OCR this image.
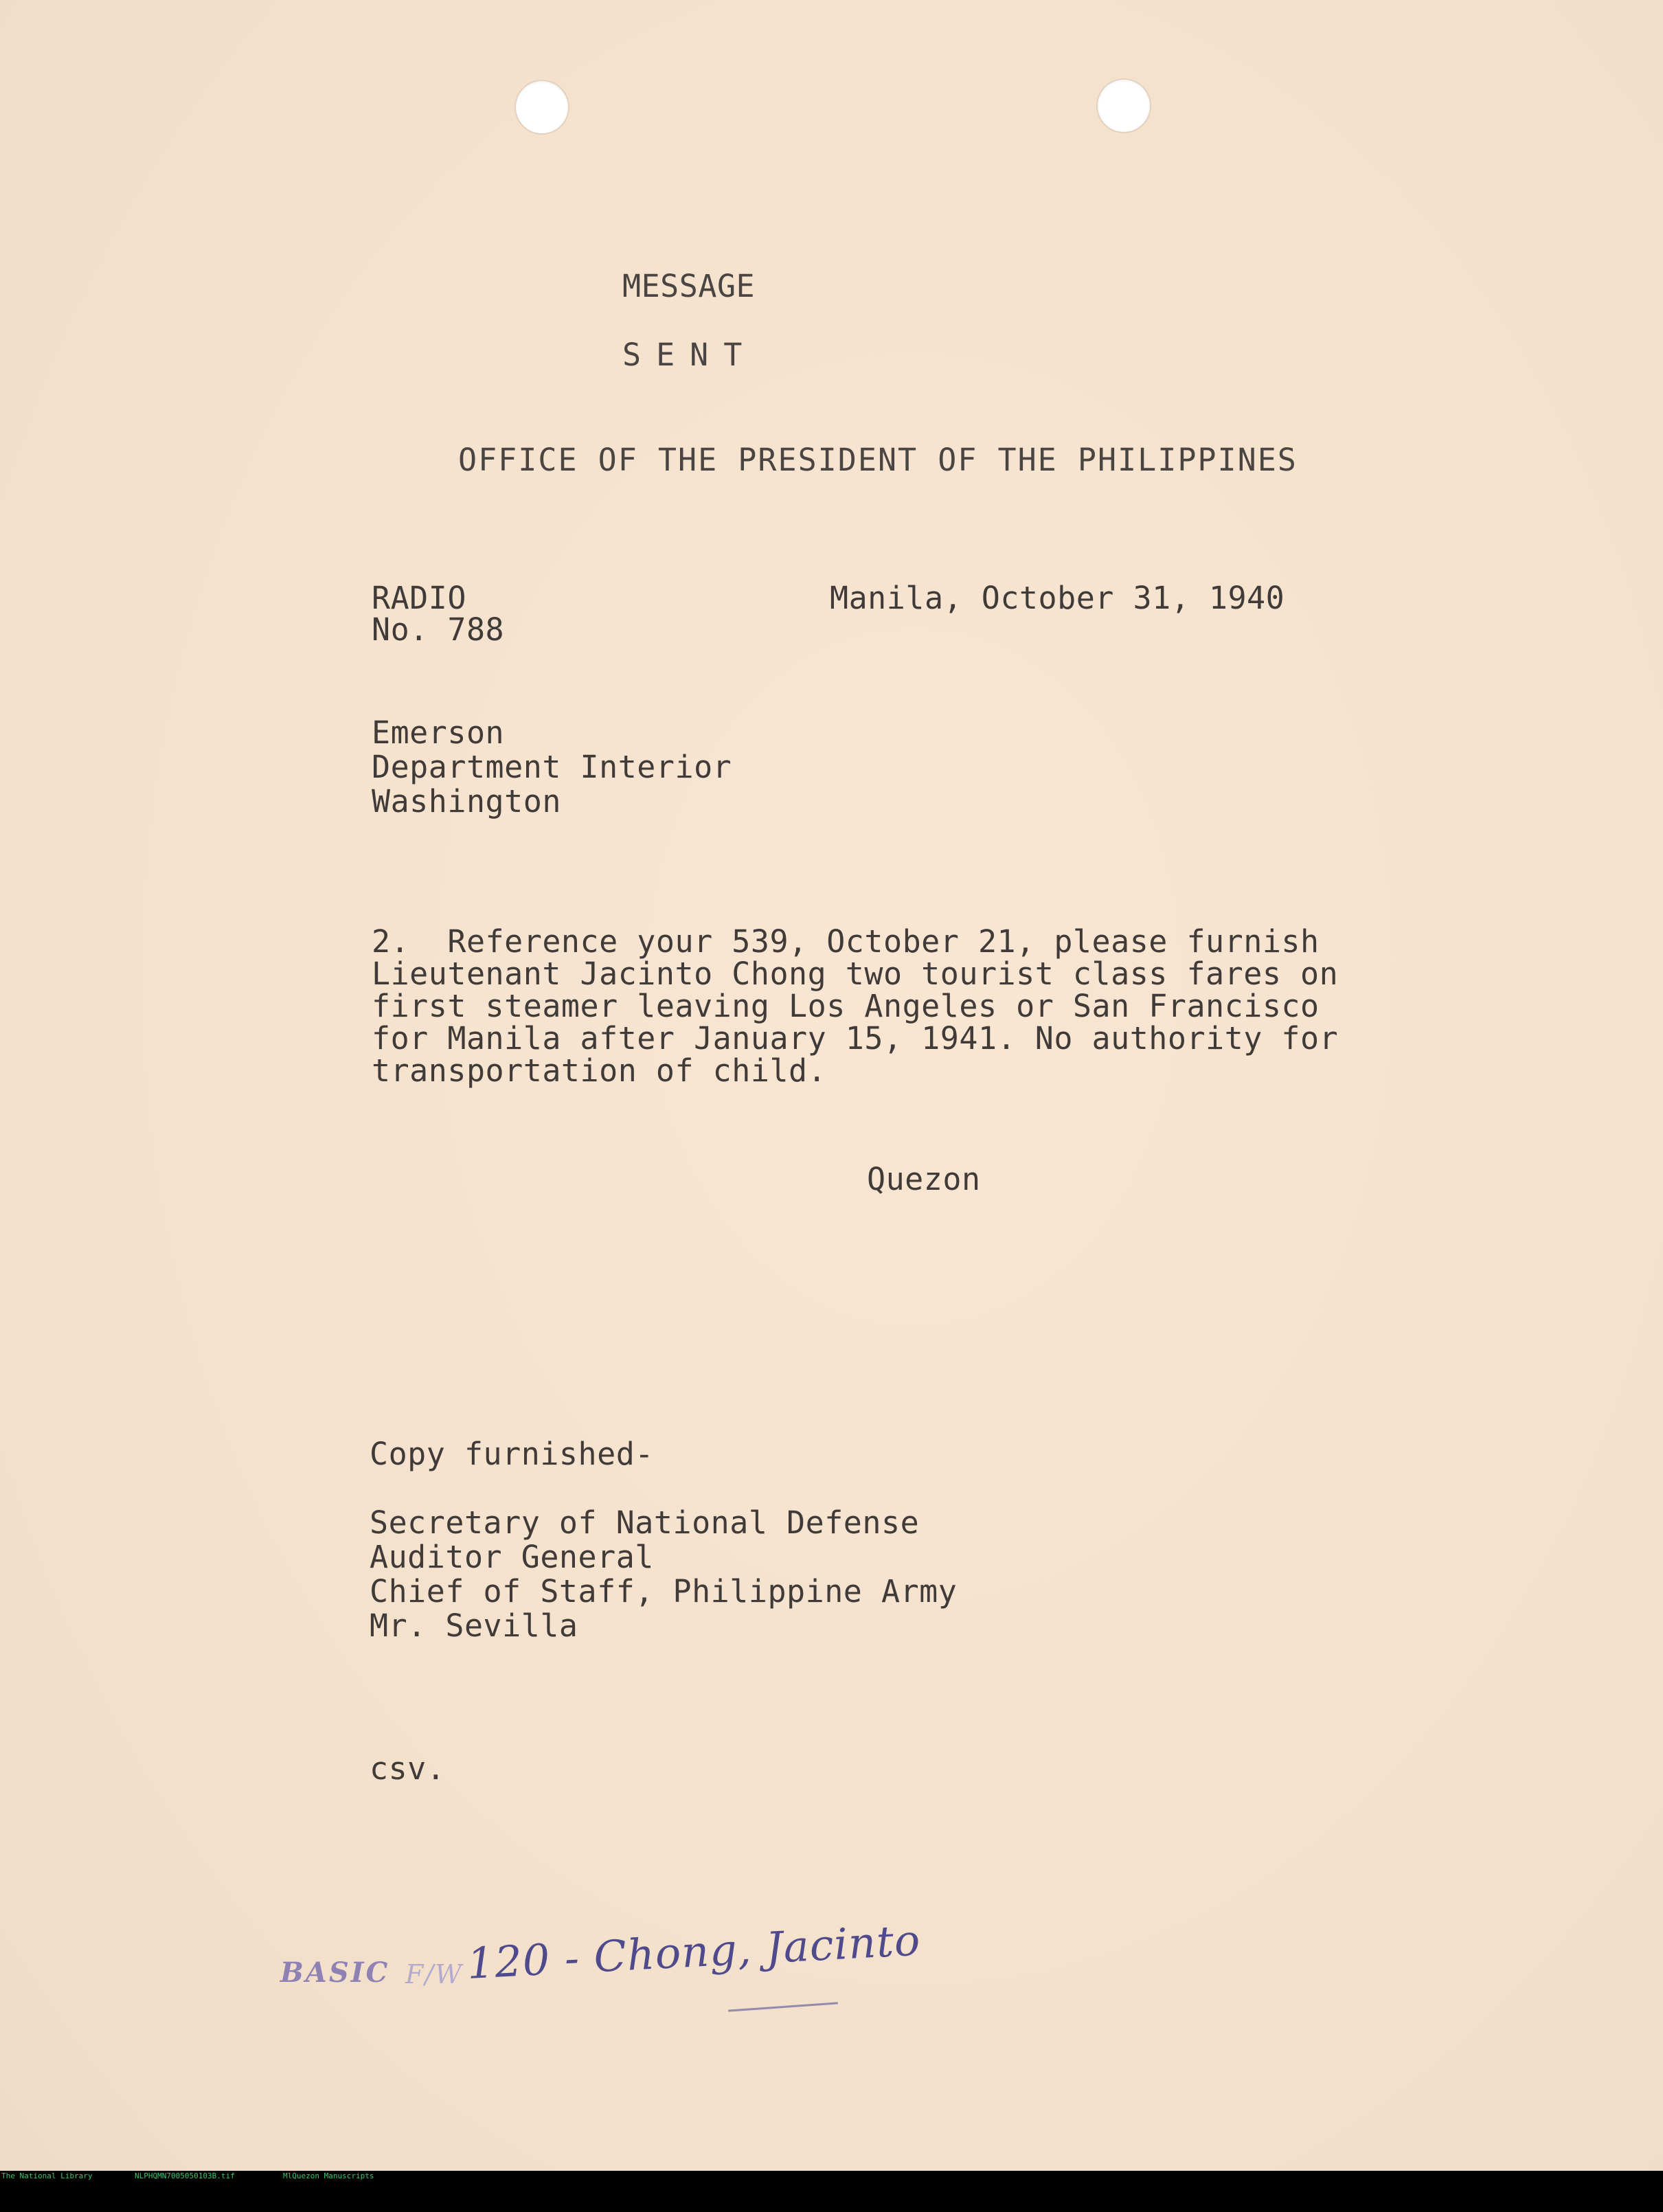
MESSAGE
SENT
OFFICE OF THE PRESIDENT OF THE PHILIPPINES
RADIO
No. 788
Manila, October 31, 1940
Emerson
Department Interior
Washington
2.  Reference your 539, October 21, please furnish
Lieutenant Jacinto Chong two tourist class fares on
first steamer leaving Los Angeles or San Francisco
for Manila after January 15, 1941. No authority for
transportation of child.
Quezon
Copy furnished-
Secretary of National Defense
Auditor General
Chief of Staff, Philippine Army
Mr. Sevilla
csv.
BASIC F/W 120 - Chong, Jacinto

The National Library

	NLPHQMN7005050103B.tif

	MlQuezon Manuscripts
